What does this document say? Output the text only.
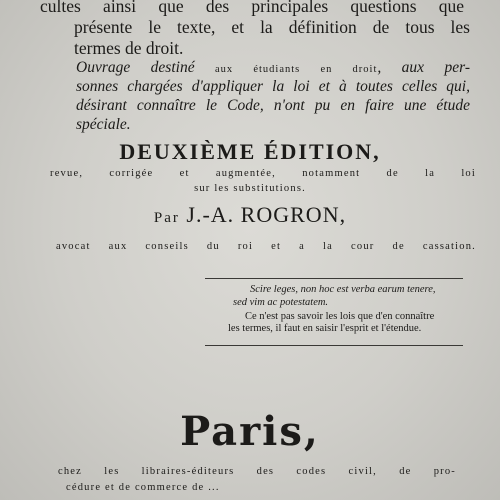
cultes ainsi que des principales questions que
présente le texte, et la définition de tous les
termes de droit.
Ouvrage destiné aux étudiants en droit, aux per-
sonnes chargées d'appliquer la loi et à toutes celles qui,
désirant connaître le Code, n'ont pu en faire une étude
spéciale.
DEUXIÈME ÉDITION,
revue, corrigée et augmentée, notamment de la loi
sur les substitutions.
Par J.-A. ROGRON,
avocat aux conseils du roi et a la cour de cassation.
Scire leges, non hoc est verba earum tenere,
sed vim ac potestatem.
Ce n'est pas savoir les lois que d'en connaître
les termes, il faut en saisir l'esprit et l'étendue.
Paris,
chez les libraires-éditeurs des codes civil, de pro-
cédure et de commerce de ...
